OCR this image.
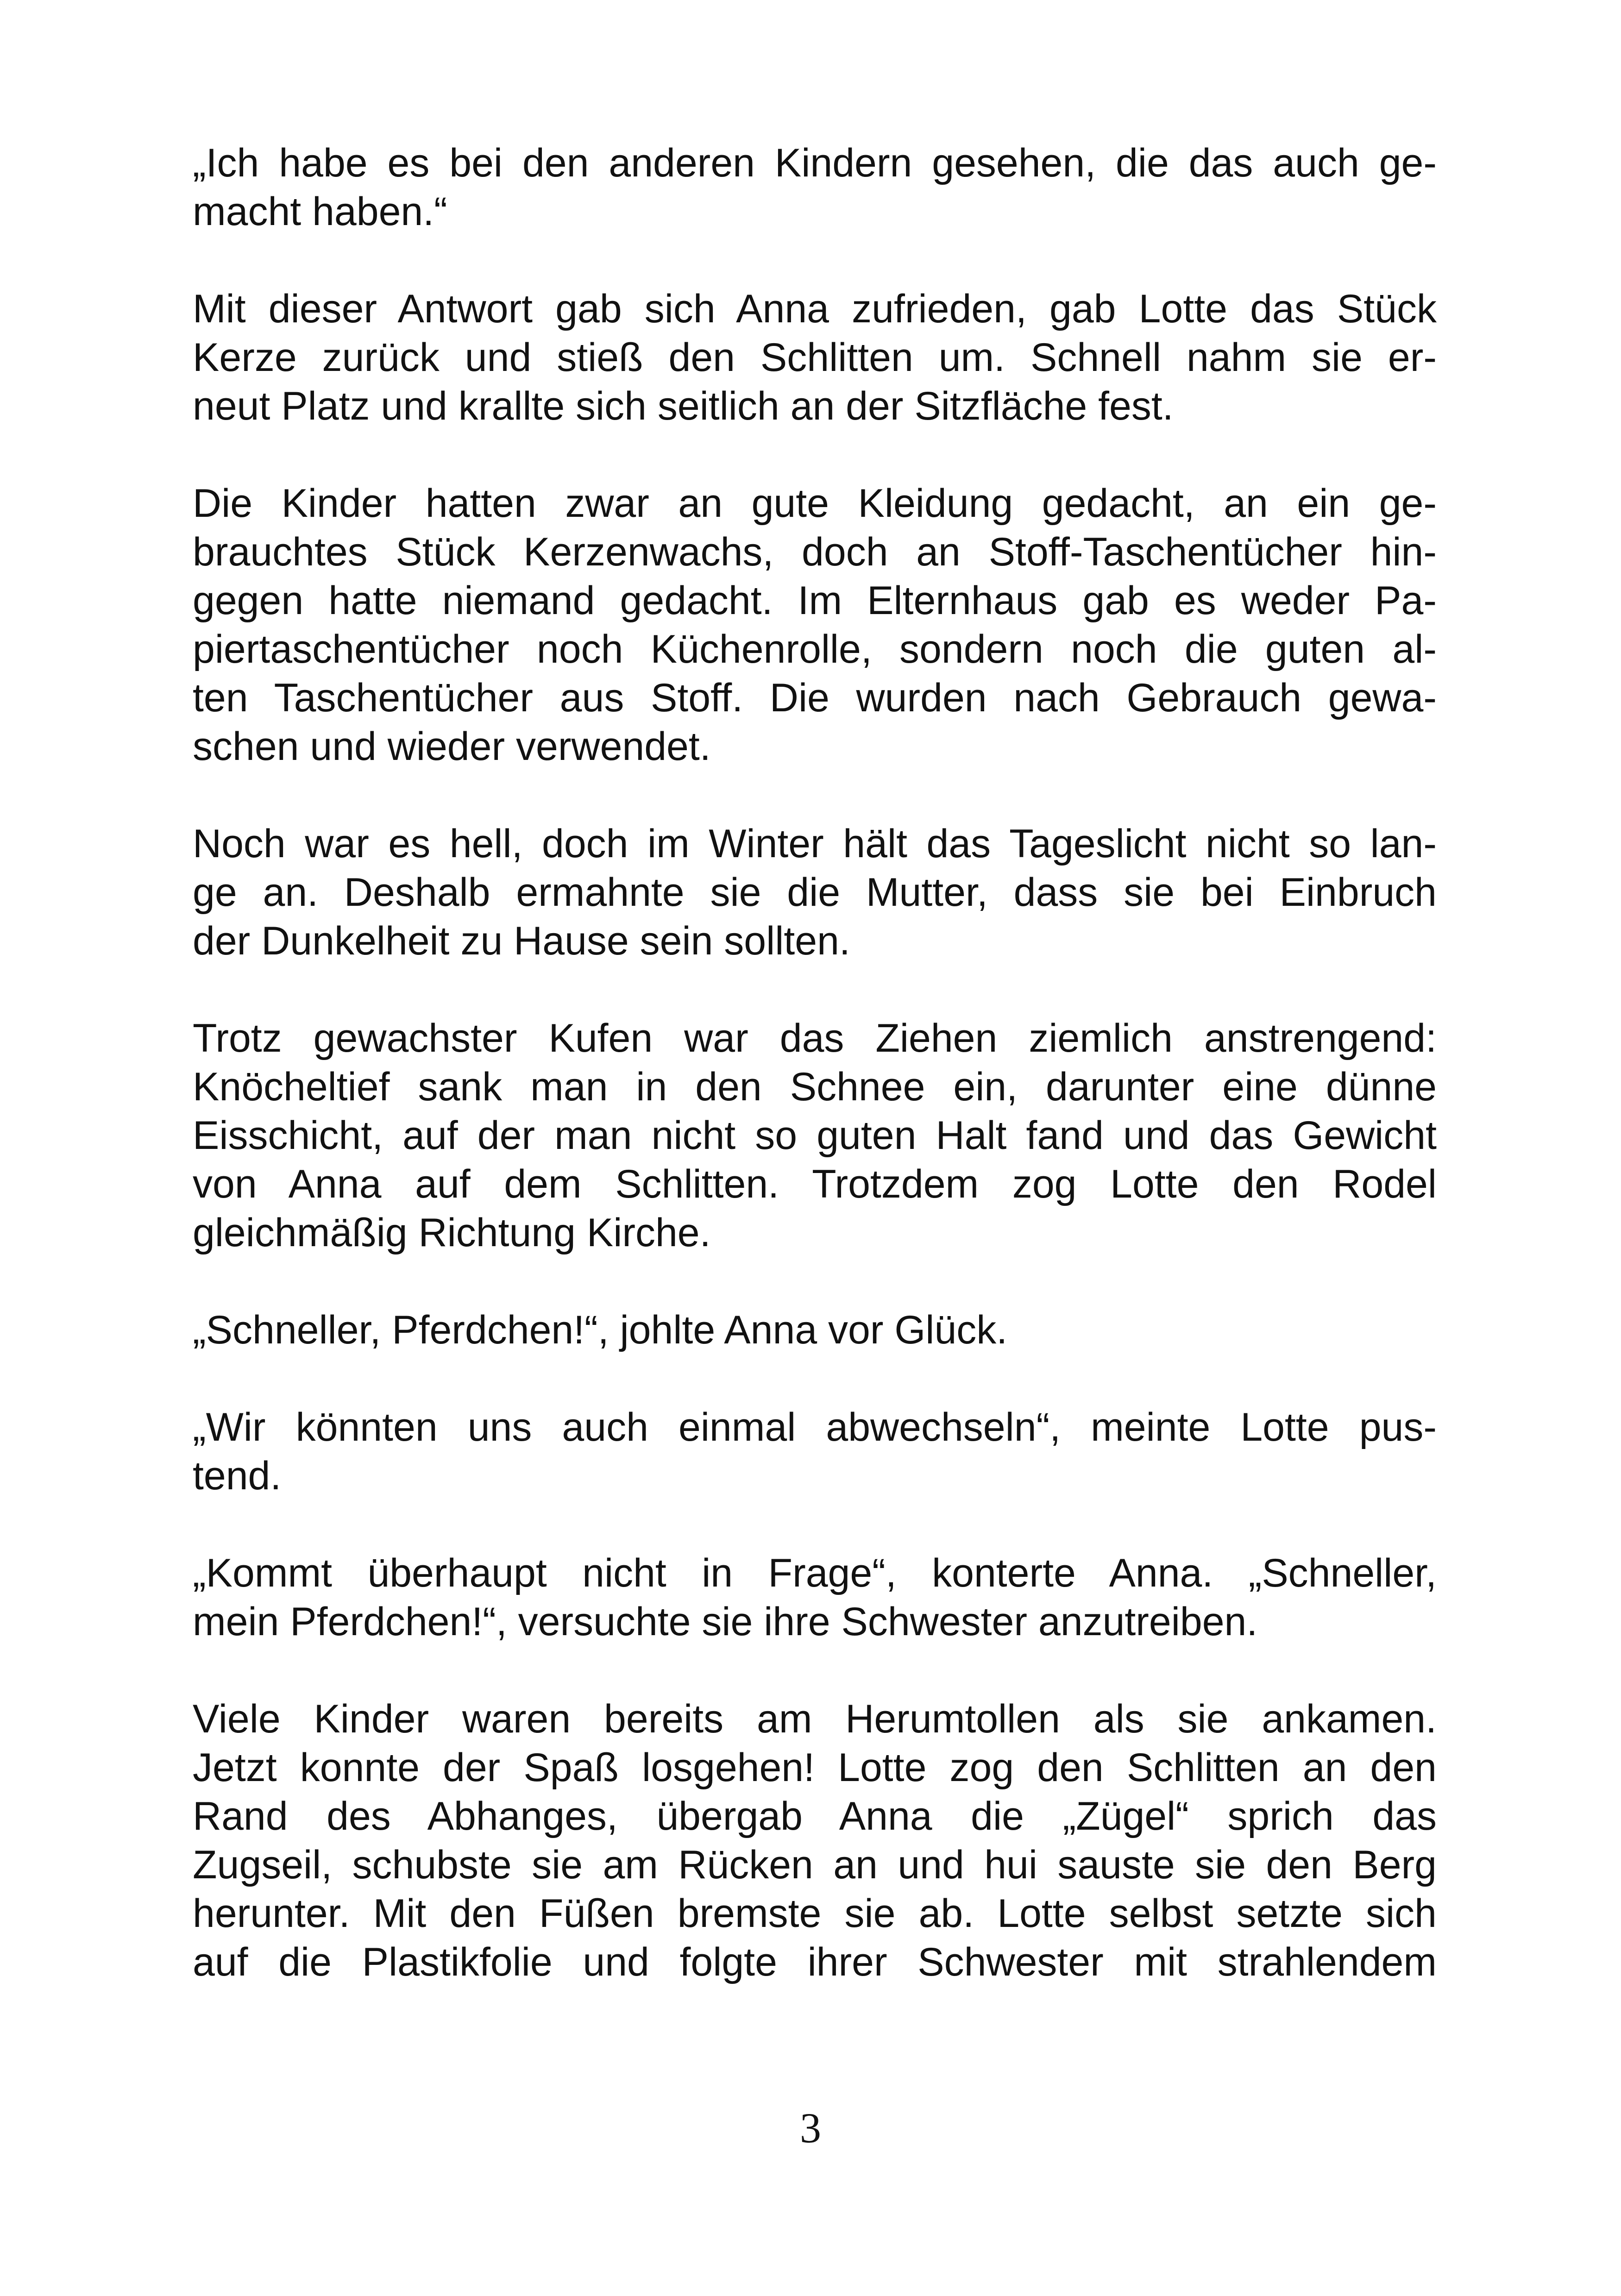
„Ich habe es bei den anderen Kindern gesehen, die das auch ge-
macht haben.“
Mit dieser Antwort gab sich Anna zufrieden, gab Lotte das Stück
Kerze zurück und stieß den Schlitten um. Schnell nahm sie er-
neut Platz und krallte sich seitlich an der Sitzfläche fest.
Die Kinder hatten zwar an gute Kleidung gedacht, an ein ge-
brauchtes Stück Kerzenwachs, doch an Stoff-Taschentücher hin-
gegen hatte niemand gedacht. Im Elternhaus gab es weder Pa-
piertaschentücher noch Küchenrolle, sondern noch die guten al-
ten Taschentücher aus Stoff. Die wurden nach Gebrauch gewa-
schen und wieder verwendet.
Noch war es hell, doch im Winter hält das Tageslicht nicht so lan-
ge an. Deshalb ermahnte sie die Mutter, dass sie bei Einbruch
der Dunkelheit zu Hause sein sollten.
Trotz gewachster Kufen war das Ziehen ziemlich anstrengend:
Knöcheltief sank man in den Schnee ein, darunter eine dünne
Eisschicht, auf der man nicht so guten Halt fand und das Gewicht
von Anna auf dem Schlitten. Trotzdem zog Lotte den Rodel
gleichmäßig Richtung Kirche.
„Schneller, Pferdchen!“, johlte Anna vor Glück.
„Wir könnten uns auch einmal abwechseln“, meinte Lotte pus-
tend.
„Kommt überhaupt nicht in Frage“, konterte Anna. „Schneller,
mein Pferdchen!“, versuchte sie ihre Schwester anzutreiben.
Viele Kinder waren bereits am Herumtollen als sie ankamen.
Jetzt konnte der Spaß losgehen! Lotte zog den Schlitten an den
Rand des Abhanges, übergab Anna die „Zügel“ sprich das
Zugseil, schubste sie am Rücken an und hui sauste sie den Berg
herunter. Mit den Füßen bremste sie ab. Lotte selbst setzte sich
auf die Plastikfolie und folgte ihrer Schwester mit strahlendem
3
